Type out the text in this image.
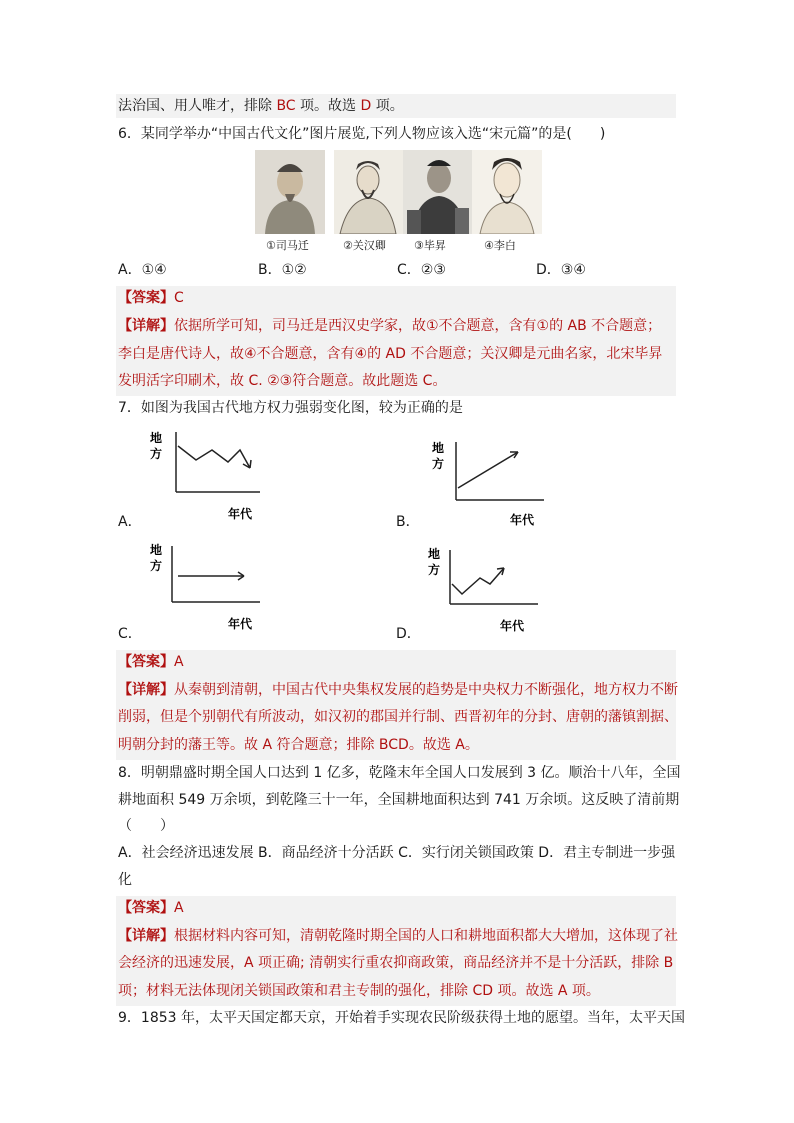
法治国、用人唯才，排除 BC 项。故选 D 项。
6．某同学举办“中国古代文化”图片展览,下列人物应该入选“宋元篇”的是(　　)
①司马迁	②关汉卿	③毕昇	④李白
A．①④	B．①②	C．②③	D．③④
【答案】C
【详解】依据所学可知，司马迁是西汉史学家，故①不合题意，含有①的 AB 不合题意；
李白是唐代诗人，故④不合题意，含有④的 AD 不合题意；关汉卿是元曲名家，北宋毕昇
发明活字印刷术，故 C. ②③符合题意。故此题选 C。
7．如图为我国古代地方权力强弱变化图，较为正确的是
地
方
年代
A．
地
方
年代
B．
地
方
年代
C．
地
方
年代
D．
【答案】A
【详解】从秦朝到清朝，中国古代中央集权发展的趋势是中央权力不断强化，地方权力不断
削弱，但是个别朝代有所波动，如汉初的郡国并行制、西晋初年的分封、唐朝的藩镇割据、
明朝分封的藩王等。故 A 符合题意；排除 BCD。故选 A。
8．明朝鼎盛时期全国人口达到 1 亿多，乾隆末年全国人口发展到 3 亿。顺治十八年，全国
耕地面积 549 万余顷，到乾隆三十一年，全国耕地面积达到 741 万余顷。这反映了清前期
（　　）
A．社会经济迅速发展 B．商品经济十分活跃 C．实行闭关锁国政策 D．君主专制进一步强
化
【答案】A
【详解】根据材料内容可知，清朝乾隆时期全国的人口和耕地面积都大大增加，这体现了社
会经济的迅速发展，A 项正确; 清朝实行重农抑商政策，商品经济并不是十分活跃，排除 B
项；材料无法体现闭关锁国政策和君主专制的强化，排除 CD 项。故选 A 项。
9．1853 年，太平天国定都天京，开始着手实现农民阶级获得土地的愿望。当年，太平天国
